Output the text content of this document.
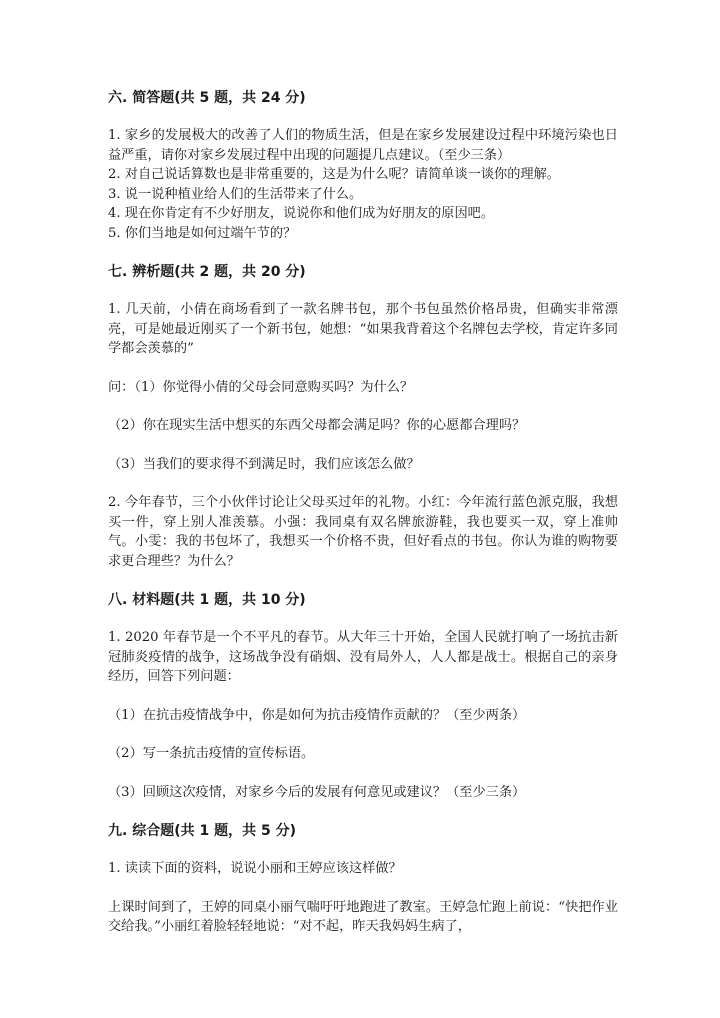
六. 简答题(共 5 题，共 24 分)

1. 家乡的发展极大的改善了人们的物质生活，但是在家乡发展建设过程中环境污染也日益严重，请你对家乡发展过程中出现的问题提几点建议。（至少三条）

2. 对自己说话算数也是非常重要的，这是为什么呢？请简单谈一谈你的理解。

3. 说一说种植业给人们的生活带来了什么。

4. 现在你肯定有不少好朋友，说说你和他们成为好朋友的原因吧。

5. 你们当地是如何过端午节的？

七. 辨析题(共 2 题，共 20 分)

1. 几天前，小倩在商场看到了一款名牌书包，那个书包虽然价格昂贵，但确实非常漂亮，可是她最近刚买了一个新书包，她想：“如果我背着这个名牌包去学校，肯定许多同学都会羡慕的”

问：（1）你觉得小倩的父母会同意购买吗？为什么？

（2）你在现实生活中想买的东西父母都会满足吗？你的心愿都合理吗？

（3）当我们的要求得不到满足时，我们应该怎么做？

2. 今年春节，三个小伙伴讨论让父母买过年的礼物。小红：今年流行蓝色派克服，我想买一件，穿上别人准羡慕。小强：我同桌有双名牌旅游鞋，我也要买一双，穿上准帅气。小雯：我的书包坏了，我想买一个价格不贵，但好看点的书包。你认为谁的购物要求更合理些？为什么？

八. 材料题(共 1 题，共 10 分)

1. 2020 年春节是一个不平凡的春节。从大年三十开始，全国人民就打响了一场抗击新冠肺炎疫情的战争，这场战争没有硝烟、没有局外人，人人都是战士。根据自己的亲身经历，回答下列问题：

（1）在抗击疫情战争中，你是如何为抗击疫情作贡献的？（至少两条）

（2）写一条抗击疫情的宣传标语。

（3）回顾这次疫情，对家乡今后的发展有何意见或建议？（至少三条）

九. 综合题(共 1 题，共 5 分)

1. 读读下面的资料，说说小丽和王婷应该这样做？

上课时间到了，王婷的同桌小丽气喘吁吁地跑进了教室。王婷急忙跑上前说：“快把作业交给我。”小丽红着脸轻轻地说：“对不起，昨天我妈妈生病了，
